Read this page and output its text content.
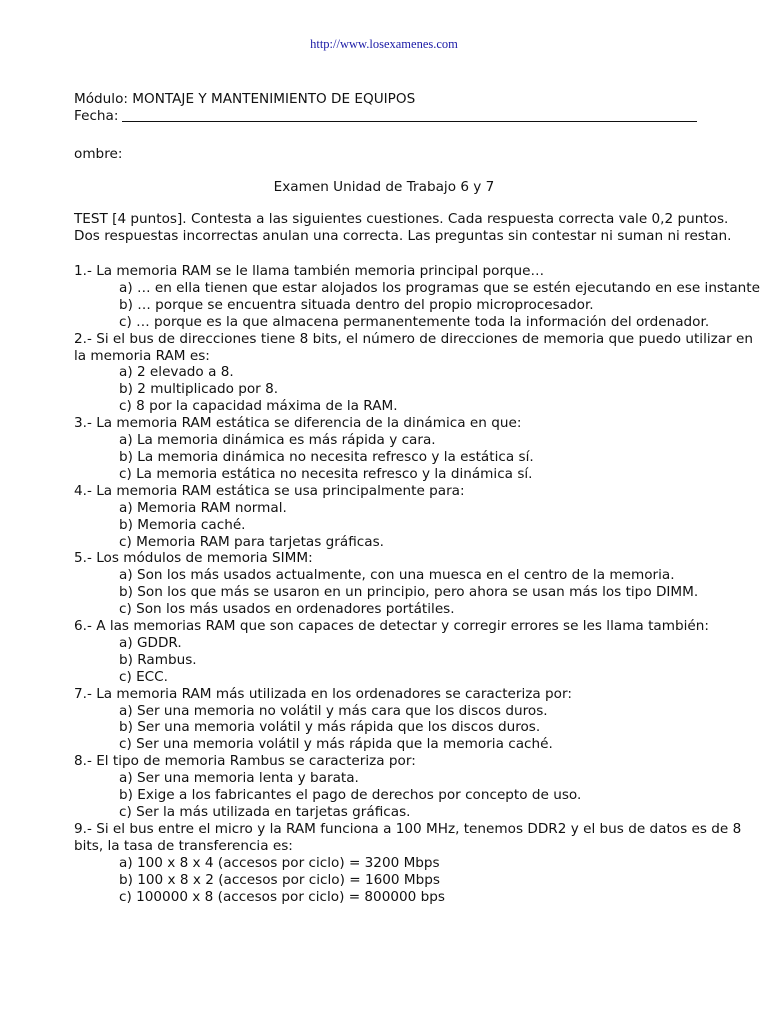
http://www.losexamenes.com
Módulo: MONTAJE Y MANTENIMIENTO DE EQUIPOS
Fecha:
ombre:
Examen Unidad de Trabajo 6 y 7
TEST [4 puntos]. Contesta a las siguientes cuestiones. Cada respuesta correcta vale 0,2 puntos.
Dos respuestas incorrectas anulan una correcta. Las preguntas sin contestar ni suman ni restan.
1.- La memoria RAM se le llama también memoria principal porque…
a) … en ella tienen que estar alojados los programas que se estén ejecutando en ese instante
b) … porque se encuentra situada dentro del propio microprocesador.
c) … porque es la que almacena permanentemente toda la información del ordenador.
2.- Si el bus de direcciones tiene 8 bits, el número de direcciones de memoria que puedo utilizar en
la memoria RAM es:
a) 2 elevado a 8.
b) 2 multiplicado por 8.
c) 8 por la capacidad máxima de la RAM.
3.- La memoria RAM estática se diferencia de la dinámica en que:
a) La memoria dinámica es más rápida y cara.
b) La memoria dinámica no necesita refresco y la estática sí.
c) La memoria estática no necesita refresco y la dinámica sí.
4.- La memoria RAM estática se usa principalmente para:
a) Memoria RAM normal.
b) Memoria caché.
c) Memoria RAM para tarjetas gráficas.
5.- Los módulos de memoria SIMM:
a) Son los más usados actualmente, con una muesca en el centro de la memoria.
b) Son los que más se usaron en un principio, pero ahora se usan más los tipo DIMM.
c) Son los más usados en ordenadores portátiles.
6.- A las memorias RAM que son capaces de detectar y corregir errores se les llama también:
a) GDDR.
b) Rambus.
c) ECC.
7.- La memoria RAM más utilizada en los ordenadores se caracteriza por:
a) Ser una memoria no volátil y más cara que los discos duros.
b) Ser una memoria volátil y más rápida que los discos duros.
c) Ser una memoria volátil y más rápida que la memoria caché.
8.- El tipo de memoria Rambus se caracteriza por:
a) Ser una memoria lenta y barata.
b) Exige a los fabricantes el pago de derechos por concepto de uso.
c) Ser la más utilizada en tarjetas gráficas.
9.- Si el bus entre el micro y la RAM funciona a 100 MHz, tenemos DDR2 y el bus de datos es de 8
bits, la tasa de transferencia es:
a) 100 x 8 x 4 (accesos por ciclo) = 3200 Mbps
b) 100 x 8 x 2 (accesos por ciclo) = 1600 Mbps
c) 100000 x 8 (accesos por ciclo) = 800000 bps
